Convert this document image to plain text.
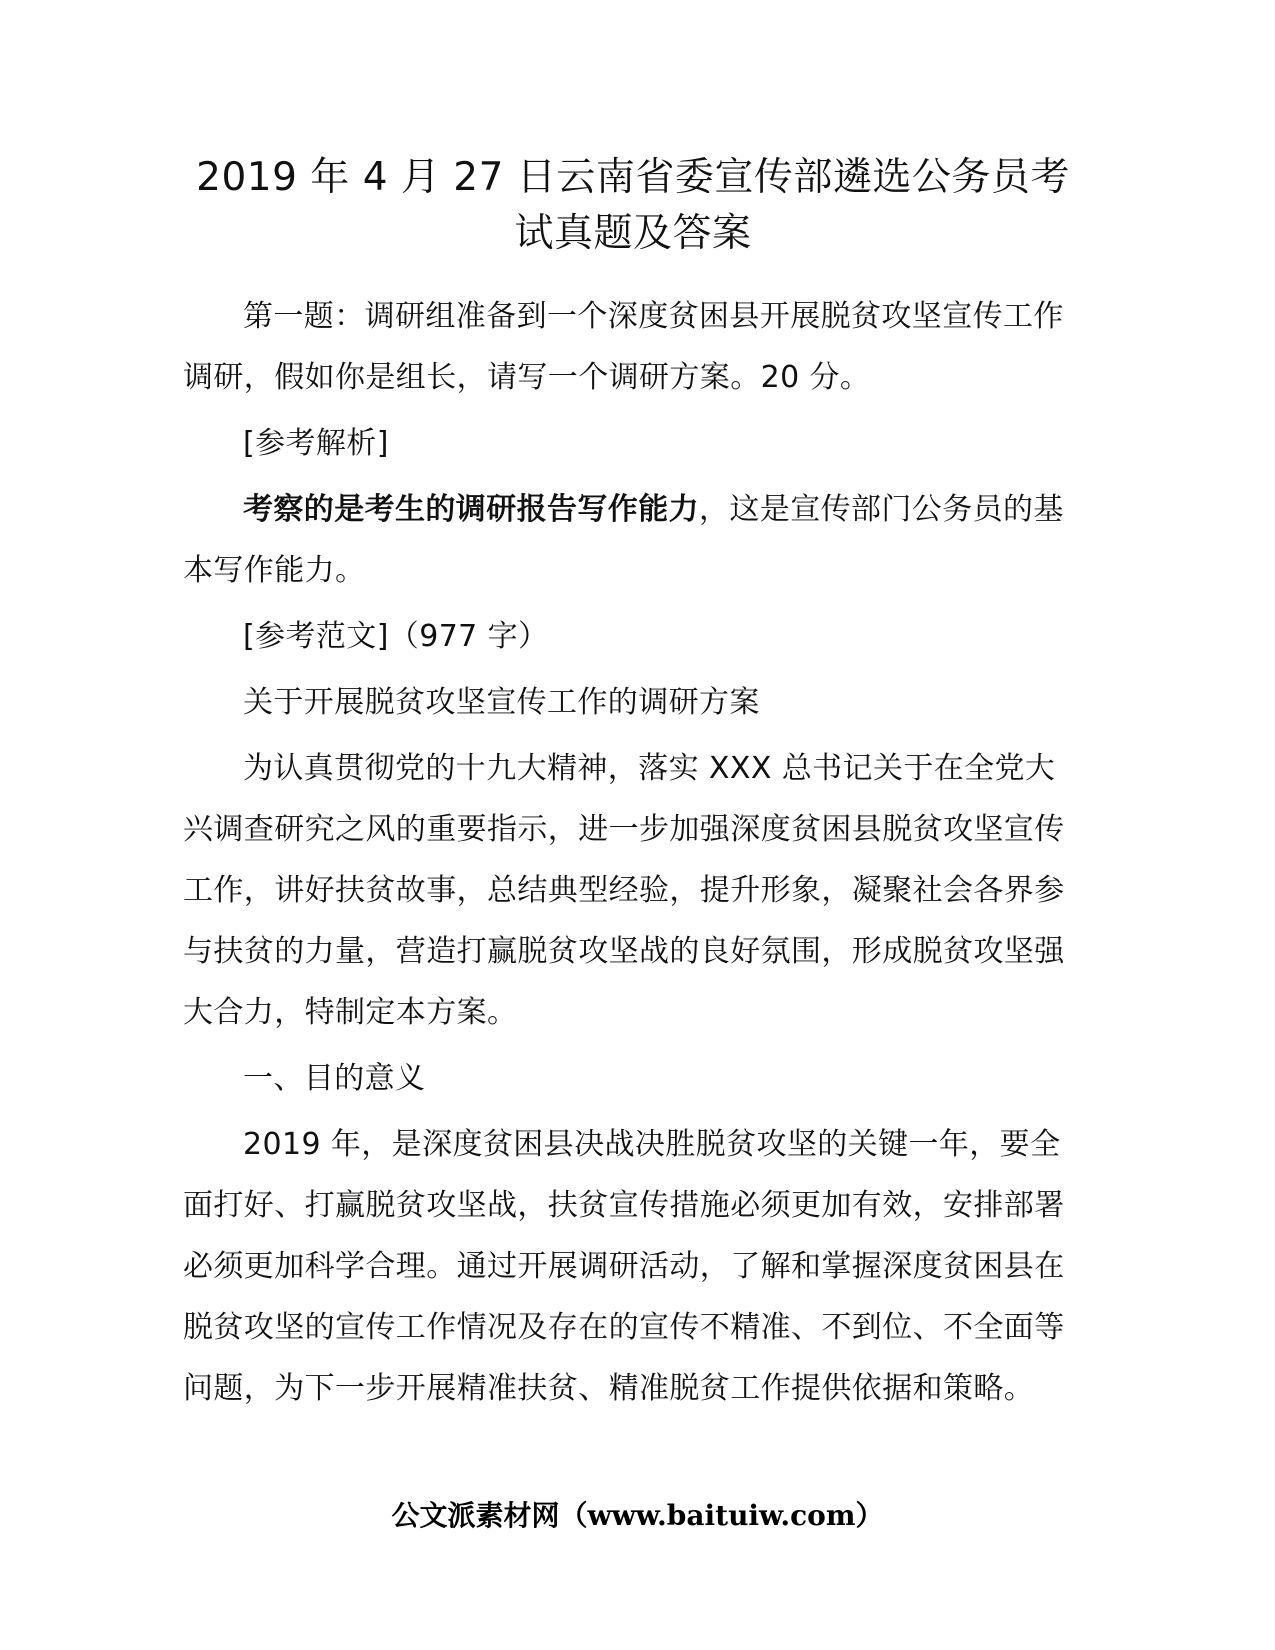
2019 年 4 月 27 日云南省委宣传部遴选公务员考
试真题及答案

第一题：调研组准备到一个深度贫困县开展脱贫攻坚宣传工作调研，假如你是组长，请写一个调研方案。20 分。

[参考解析]

考察的是考生的调研报告写作能力，这是宣传部门公务员的基本写作能力。

[参考范文]（977 字）

关于开展脱贫攻坚宣传工作的调研方案

为认真贯彻党的十九大精神，落实 XXX 总书记关于在全党大兴调查研究之风的重要指示，进一步加强深度贫困县脱贫攻坚宣传工作，讲好扶贫故事，总结典型经验，提升形象，凝聚社会各界参与扶贫的力量，营造打赢脱贫攻坚战的良好氛围，形成脱贫攻坚强大合力，特制定本方案。

一、目的意义

2019 年，是深度贫困县决战决胜脱贫攻坚的关键一年，要全面打好、打赢脱贫攻坚战，扶贫宣传措施必须更加有效，安排部署必须更加科学合理。通过开展调研活动，了解和掌握深度贫困县在脱贫攻坚的宣传工作情况及存在的宣传不精准、不到位、不全面等问题，为下一步开展精准扶贫、精准脱贫工作提供依据和策略。

公文派素材网（www.baituiw.com）
